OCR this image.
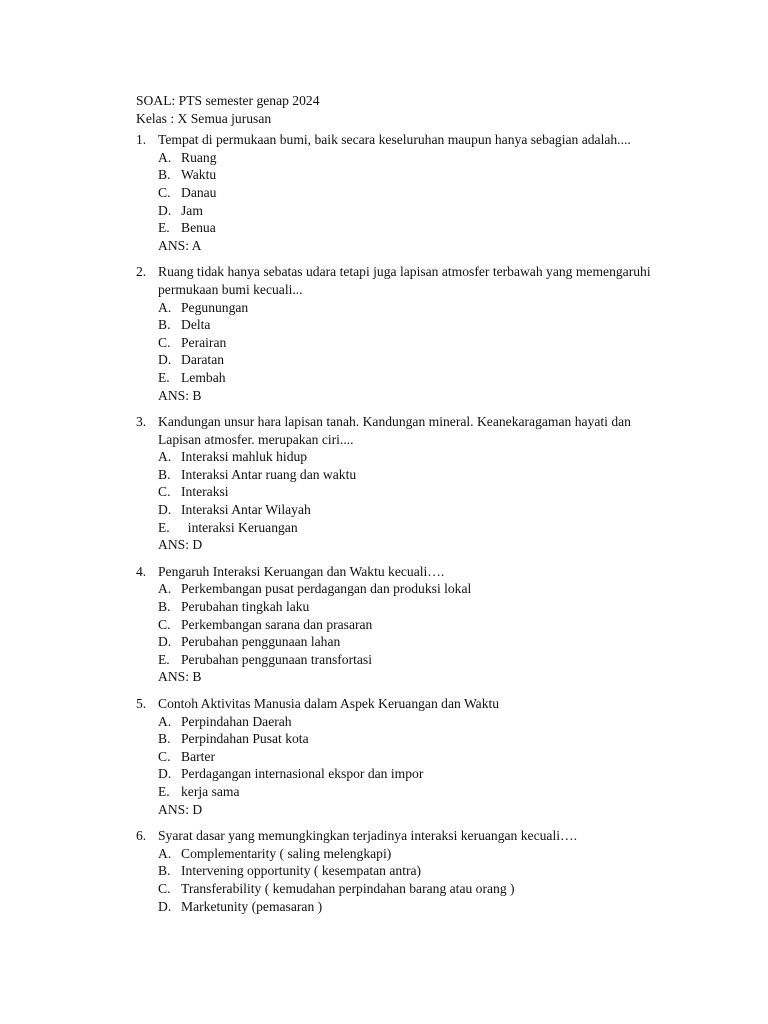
SOAL: PTS semester genap 2024
Kelas : X Semua jurusan
1. Tempat di permukaan bumi, baik secara keseluruhan maupun hanya sebagian adalah....
A. Ruang
B. Waktu
C. Danau
D. Jam
E. Benua
ANS: A
2. Ruang tidak hanya sebatas udara tetapi juga lapisan atmosfer terbawah yang memengaruhi
permukaan bumi kecuali...
A. Pegunungan
B. Delta
C. Perairan
D. Daratan
E. Lembah
ANS: B
3. Kandungan unsur hara lapisan tanah. Kandungan mineral. Keanekaragaman hayati dan
Lapisan atmosfer. merupakan ciri....
A. Interaksi mahluk hidup
B. Interaksi Antar ruang dan waktu
C. Interaksi
D. Interaksi Antar Wilayah
E.  interaksi Keruangan
ANS: D
4. Pengaruh Interaksi Keruangan dan Waktu kecuali….
A. Perkembangan pusat perdagangan dan produksi lokal
B. Perubahan tingkah laku
C. Perkembangan sarana dan prasaran
D. Perubahan penggunaan lahan
E. Perubahan penggunaan transfortasi
ANS: B
5. Contoh Aktivitas Manusia dalam Aspek Keruangan dan Waktu
A. Perpindahan Daerah
B. Perpindahan Pusat kota
C. Barter
D. Perdagangan internasional ekspor dan impor
E. kerja sama
ANS: D
6. Syarat dasar yang memungkingkan terjadinya interaksi keruangan kecuali….
A. Complementarity ( saling melengkapi)
B. Intervening opportunity ( kesempatan antra)
C. Transferability ( kemudahan perpindahan barang atau orang )
D. Marketunity (pemasaran )
